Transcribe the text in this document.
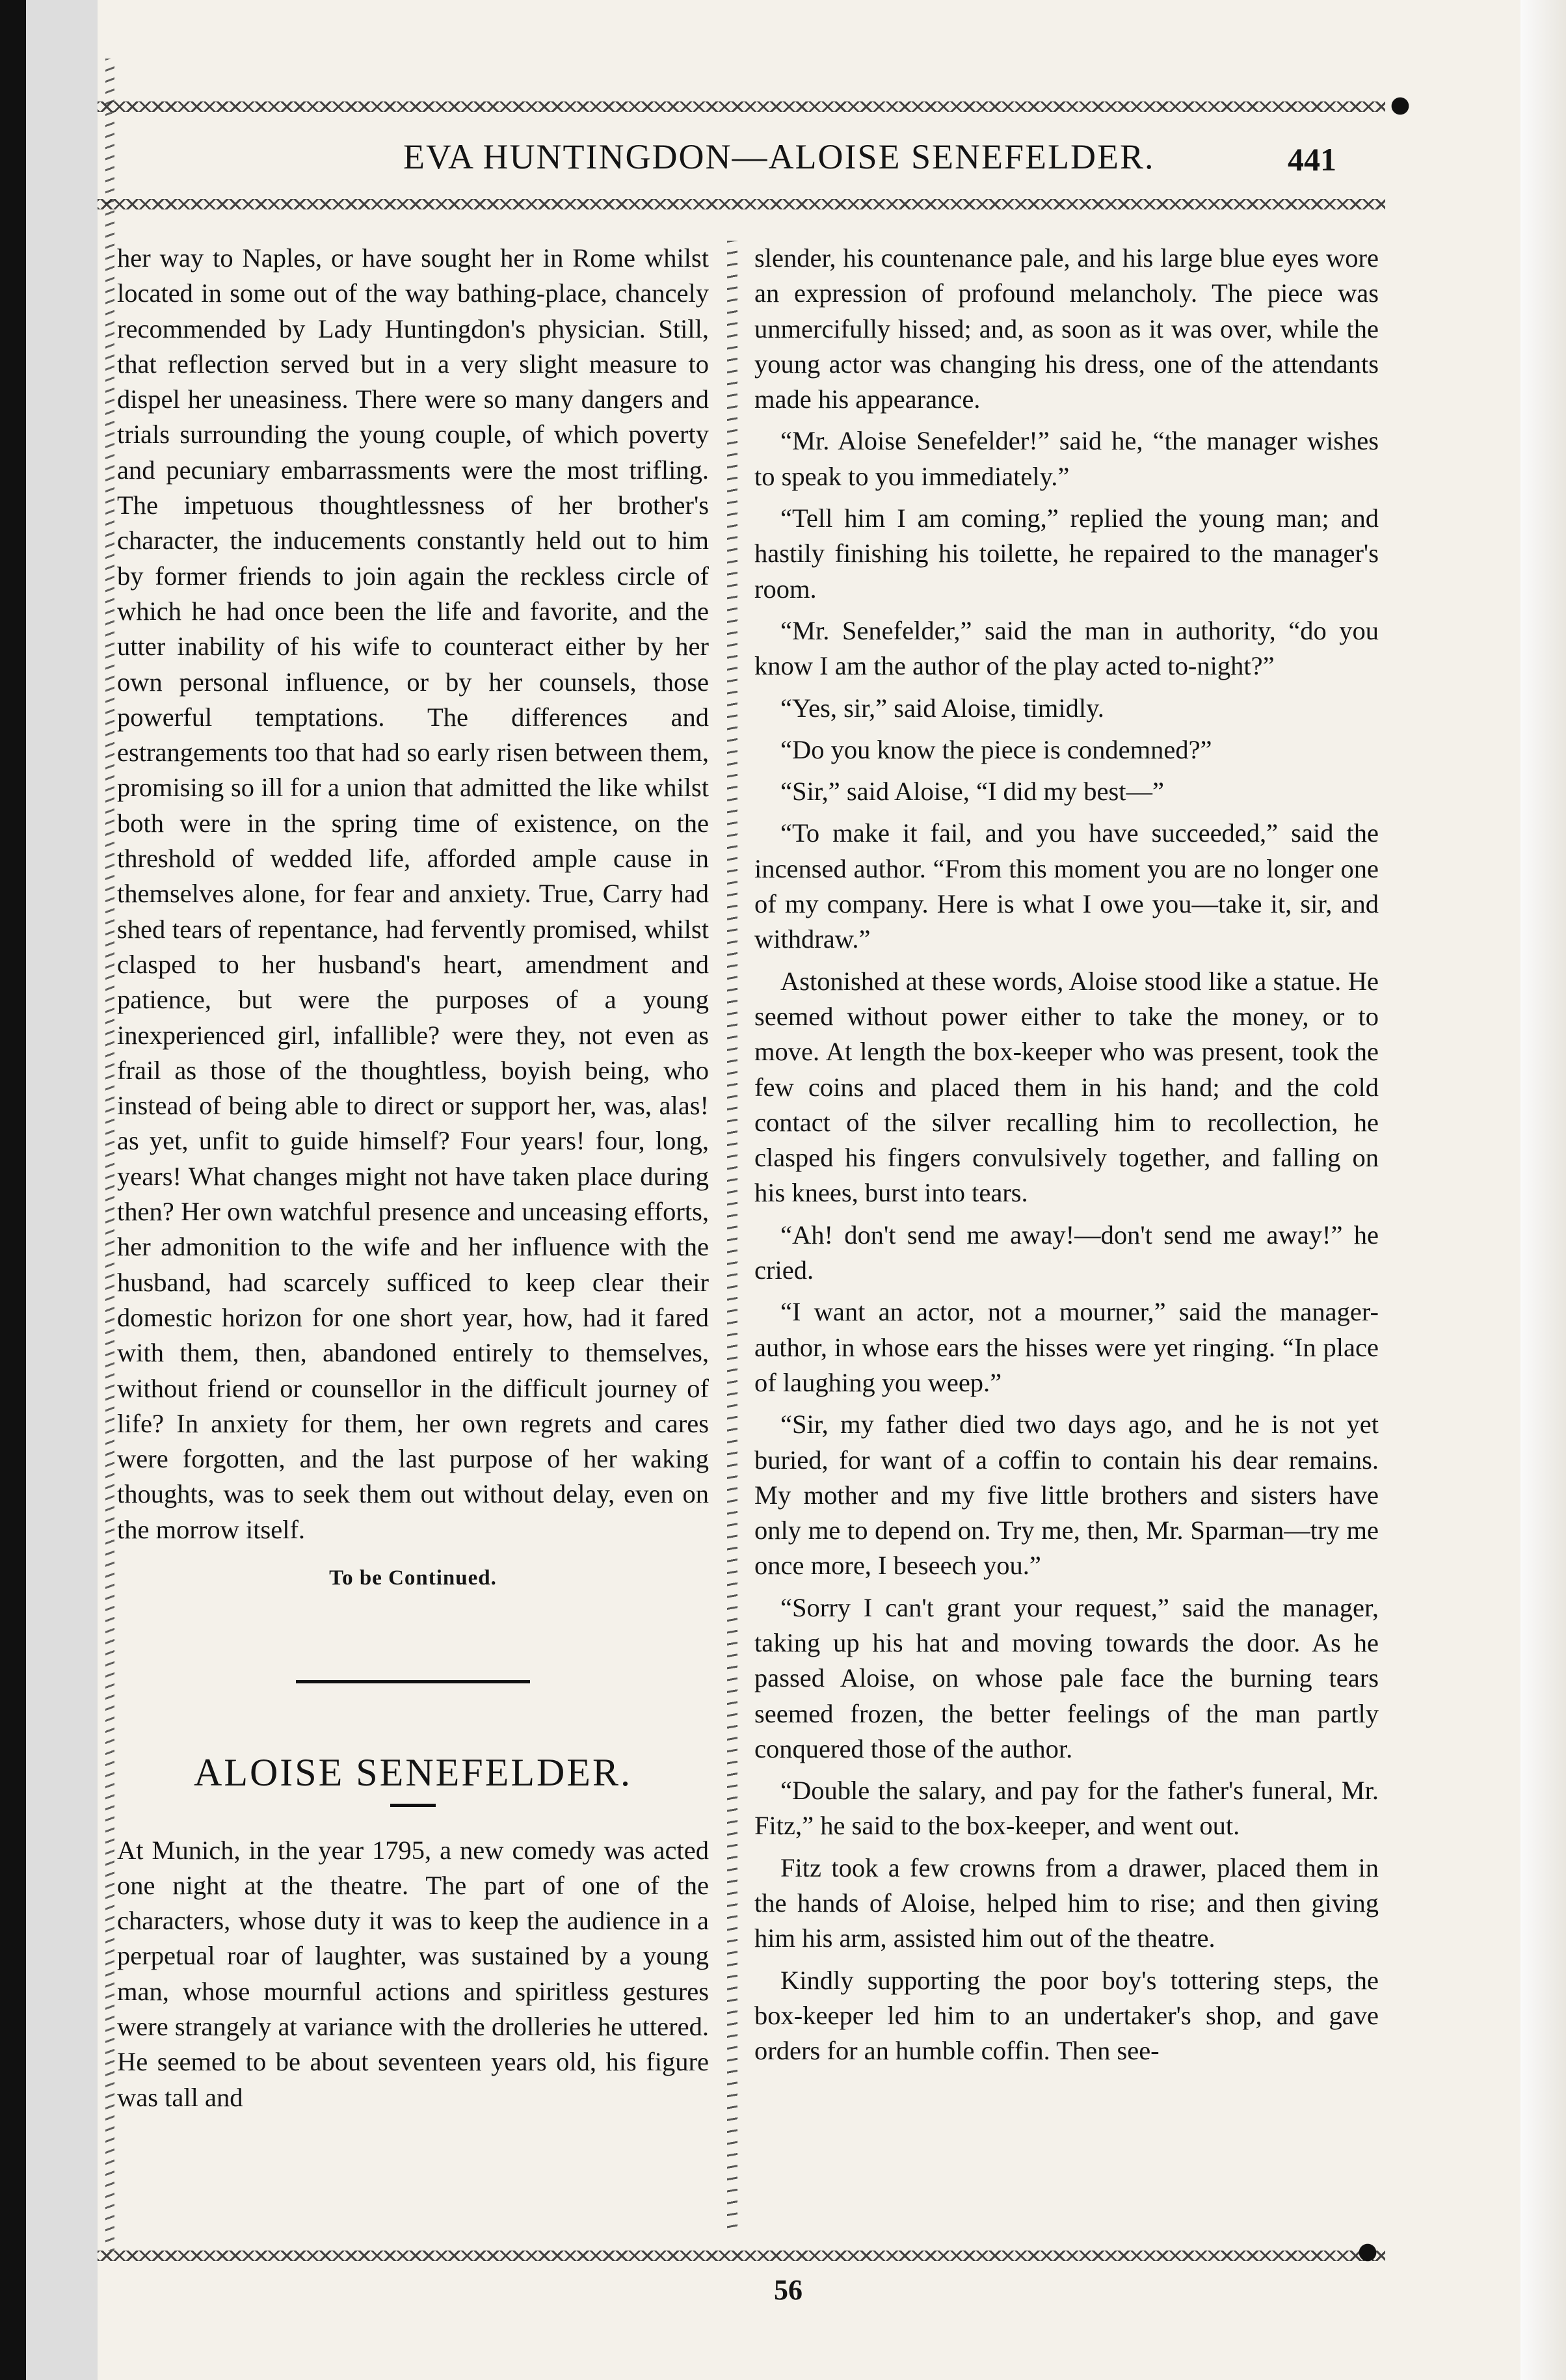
EVA HUNTINGDON—ALOISE SENEFELDER.	441

her way to Naples, or have sought her in Rome whilst located in some out of the way bathing-place, chancely recommended by Lady Huntingdon's physician. Still, that reflection served but in a very slight measure to dispel her uneasiness. There were so many dangers and trials surrounding the young couple, of which poverty and pecuniary embarrassments were the most trifling. The impetuous thoughtlessness of her brother's character, the inducements constantly held out to him by former friends to join again the reckless circle of which he had once been the life and favorite, and the utter inability of his wife to counteract either by her own personal influence, or by her counsels, those powerful temptations. The differences and estrangements too that had so early risen between them, promising so ill for a union that admitted the like whilst both were in the spring time of existence, on the threshold of wedded life, afforded ample cause in themselves alone, for fear and anxiety. True, Carry had shed tears of repentance, had fervently promised, whilst clasped to her husband's heart, amendment and patience, but were the purposes of a young inexperienced girl, infallible? were they, not even as frail as those of the thoughtless, boyish being, who instead of being able to direct or support her, was, alas! as yet, unfit to guide himself? Four years! four, long, years! What changes might not have taken place during then? Her own watchful presence and unceasing efforts, her admonition to the wife and her influence with the husband, had scarcely sufficed to keep clear their domestic horizon for one short year, how, had it fared with them, then, abandoned entirely to themselves, without friend or counsellor in the difficult journey of life? In anxiety for them, her own regrets and cares were forgotten, and the last purpose of her waking thoughts, was to seek them out without delay, even on the morrow itself.

To be Continued.
ALOISE SENEFELDER.

At Munich, in the year 1795, a new comedy was acted one night at the theatre. The part of one of the characters, whose duty it was to keep the audience in a perpetual roar of laughter, was sustained by a young man, whose mournful actions and spiritless gestures were strangely at variance with the drolleries he uttered. He seemed to be about seventeen years old, his figure was tall and

slender, his countenance pale, and his large blue eyes wore an expression of profound melancholy. The piece was unmercifully hissed; and, as soon as it was over, while the young actor was changing his dress, one of the attendants made his appearance.

“Mr. Aloise Senefelder!” said he, “the manager wishes to speak to you immediately.”

“Tell him I am coming,” replied the young man; and hastily finishing his toilette, he repaired to the manager's room.

“Mr. Senefelder,” said the man in authority, “do you know I am the author of the play acted to-night?”

“Yes, sir,” said Aloise, timidly.

“Do you know the piece is condemned?”

“Sir,” said Aloise, “I did my best—”

“To make it fail, and you have succeeded,” said the incensed author. “From this moment you are no longer one of my company. Here is what I owe you—take it, sir, and withdraw.”

Astonished at these words, Aloise stood like a statue. He seemed without power either to take the money, or to move. At length the box-keeper who was present, took the few coins and placed them in his hand; and the cold contact of the silver recalling him to recollection, he clasped his fingers convulsively together, and falling on his knees, burst into tears.

“Ah! don't send me away!—don't send me away!” he cried.

“I want an actor, not a mourner,” said the manager-author, in whose ears the hisses were yet ringing. “In place of laughing you weep.”

“Sir, my father died two days ago, and he is not yet buried, for want of a coffin to contain his dear remains. My mother and my five little brothers and sisters have only me to depend on. Try me, then, Mr. Sparman—try me once more, I beseech you.”

“Sorry I can't grant your request,” said the manager, taking up his hat and moving towards the door. As he passed Aloise, on whose pale face the burning tears seemed frozen, the better feelings of the man partly conquered those of the author.

“Double the salary, and pay for the father's funeral, Mr. Fitz,” he said to the box-keeper, and went out.

Fitz took a few crowns from a drawer, placed them in the hands of Aloise, helped him to rise; and then giving him his arm, assisted him out of the theatre.

Kindly supporting the poor boy's tottering steps, the box-keeper led him to an undertaker's shop, and gave orders for an humble coffin. Then see-

56
